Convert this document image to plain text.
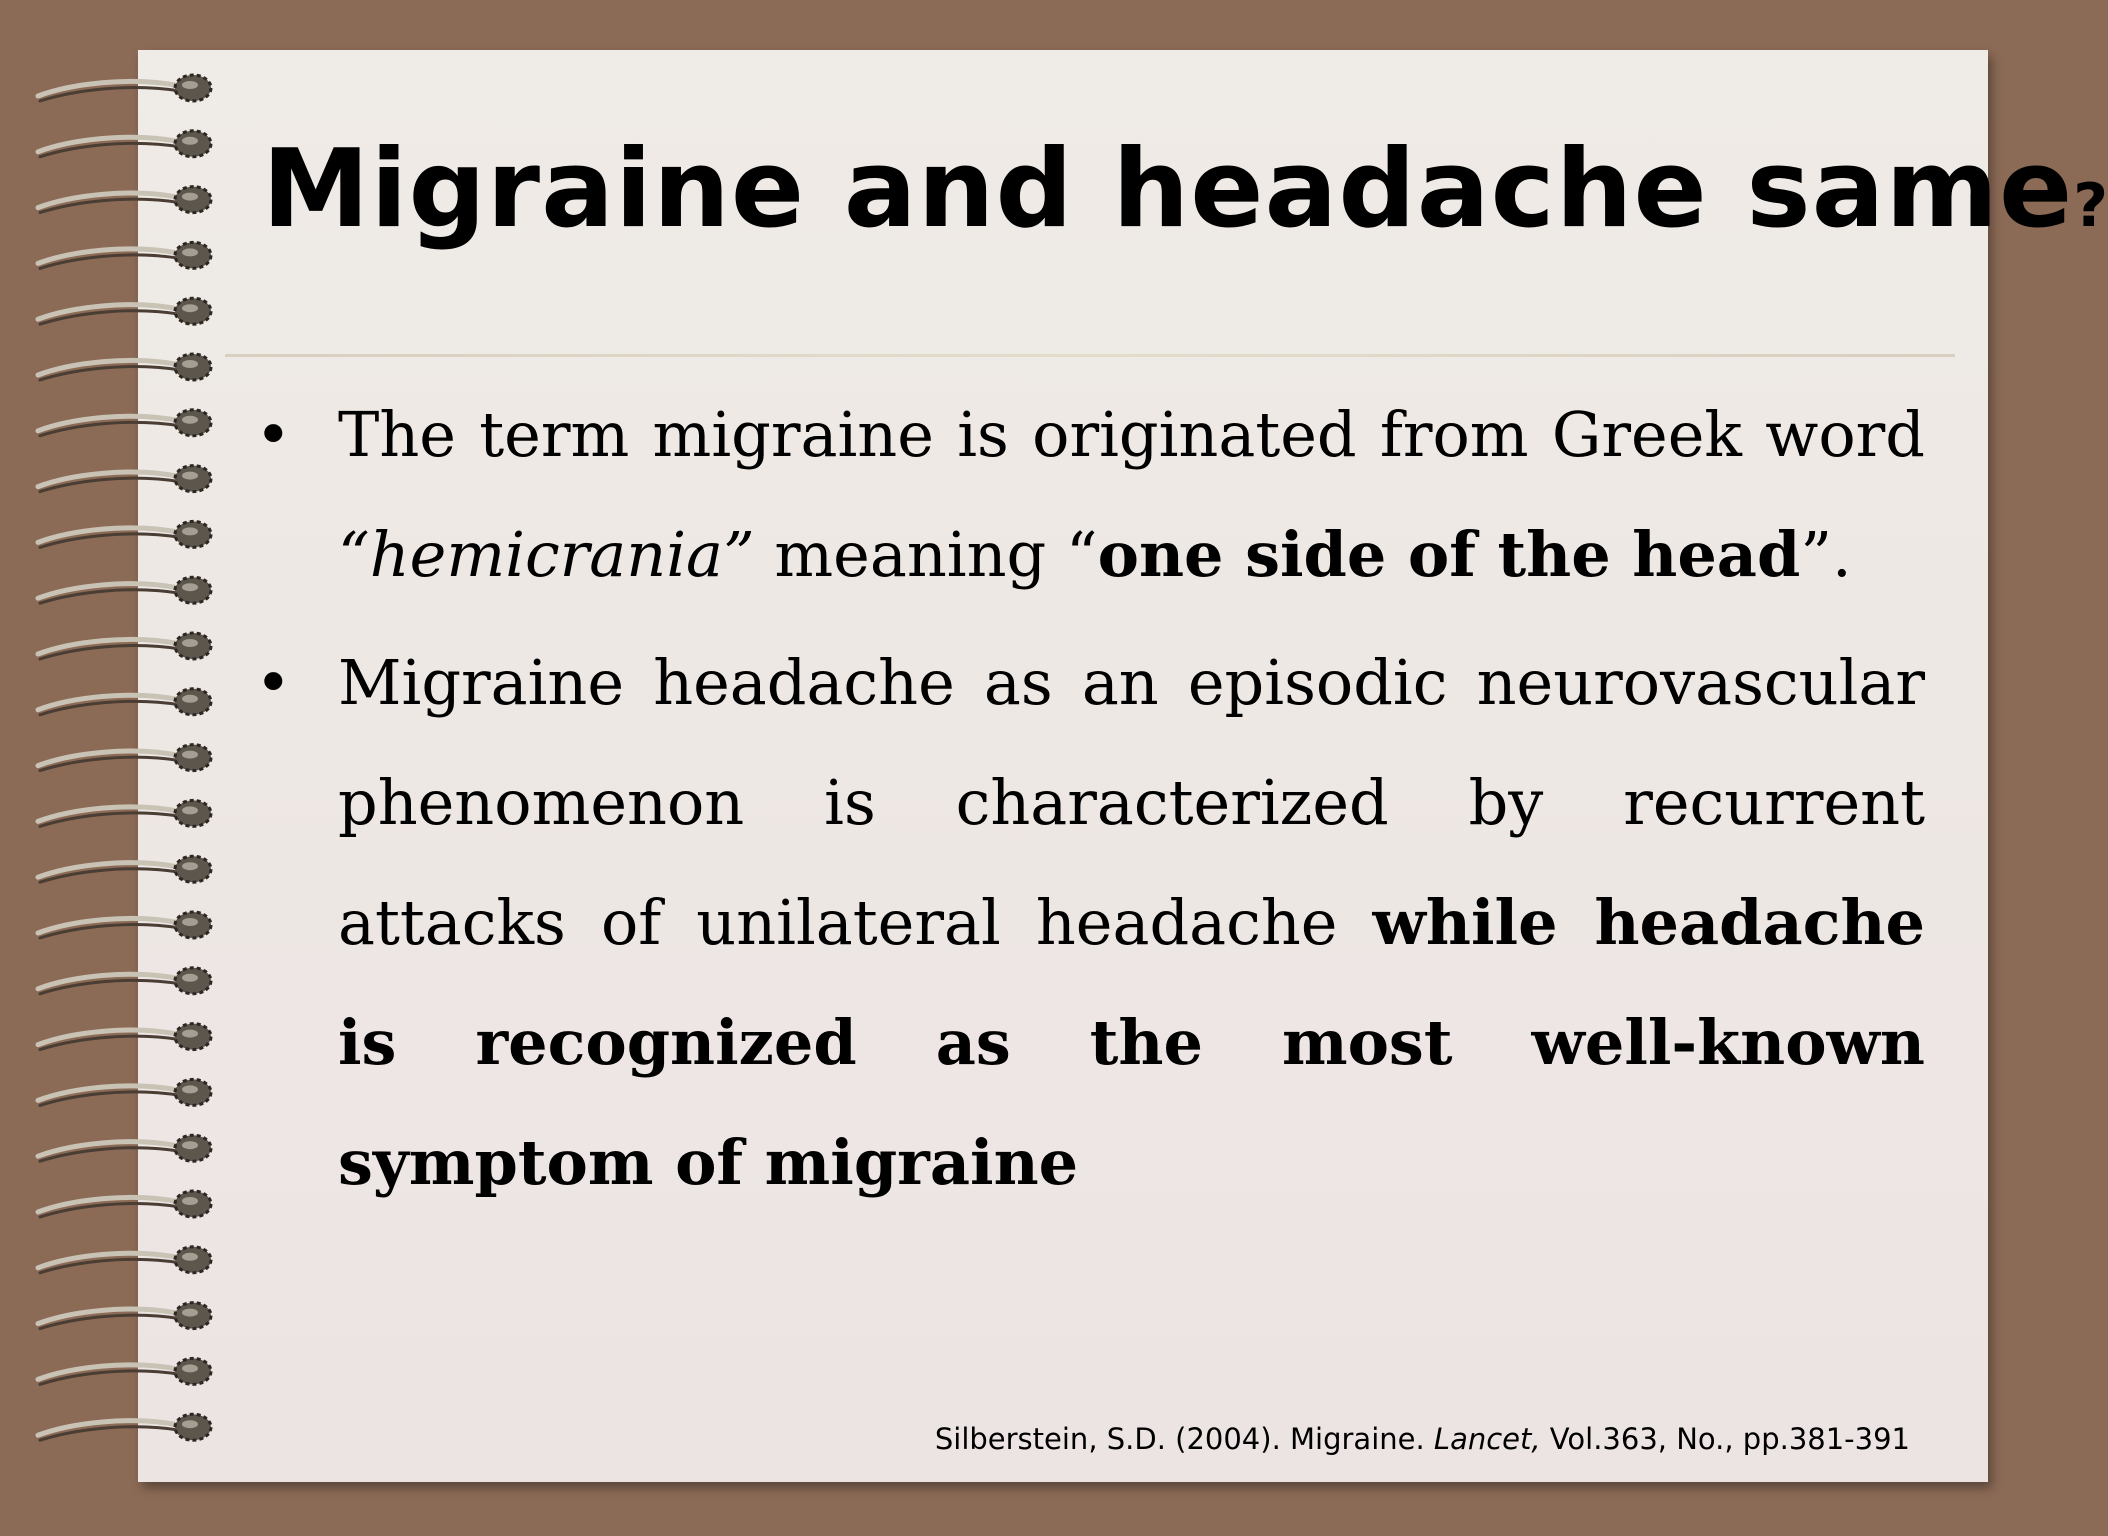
Migraine and headache same?

• The term migraine is originated from Greek word “hemicrania” meaning “one side of the head”.

• Migraine headache as an episodic neurovascular phenomenon is characterized by recurrent attacks of unilateral headache while headache is recognized as the most well-known symptom of migraine

Silberstein, S.D. (2004). Migraine. Lancet, Vol.363, No., pp.381-391
